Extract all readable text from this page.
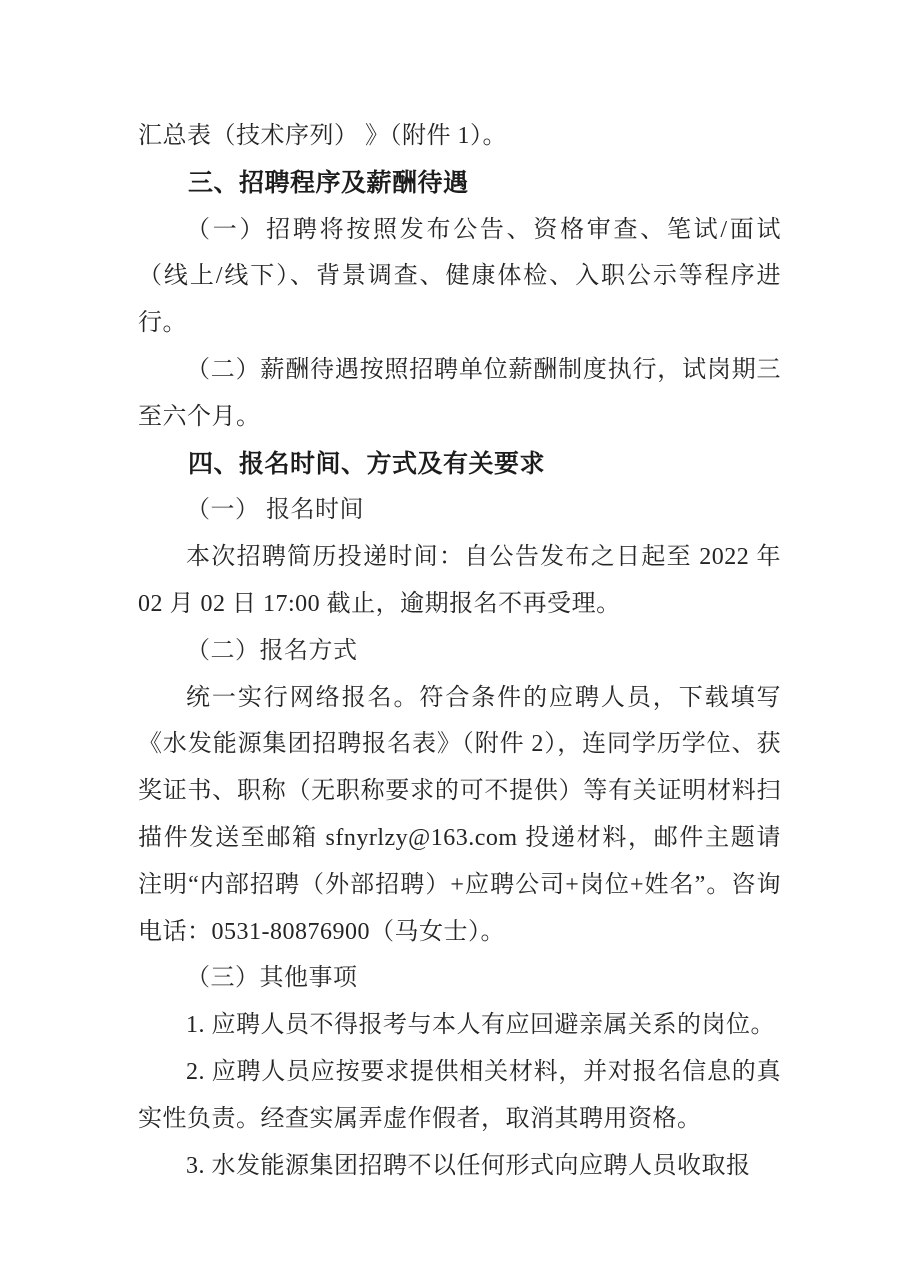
汇总表（技术序列） 》（附件 1）。
三、招聘程序及薪酬待遇
（一）招聘将按照发布公告、资格审查、笔试/面试（线上/线下）、背景调查、健康体检、入职公示等程序进行。
（二）薪酬待遇按照招聘单位薪酬制度执行，试岗期三至六个月。
四、报名时间、方式及有关要求
（一） 报名时间
本次招聘简历投递时间：自公告发布之日起至 2022 年 02 月 02 日 17:00 截止，逾期报名不再受理。
（二）报名方式
统一实行网络报名。符合条件的应聘人员，下载填写《水发能源集团招聘报名表》（附件 2），连同学历学位、获奖证书、职称（无职称要求的可不提供）等有关证明材料扫描件发送至邮箱 sfnyrlzy@163.com 投递材料，邮件主题请注明“内部招聘（外部招聘）+应聘公司+岗位+姓名”。咨询电话：0531-80876900（马女士）。
（三）其他事项
1. 应聘人员不得报考与本人有应回避亲属关系的岗位。
2. 应聘人员应按要求提供相关材料，并对报名信息的真实性负责。经查实属弄虚作假者，取消其聘用资格。
3. 水发能源集团招聘不以任何形式向应聘人员收取报
